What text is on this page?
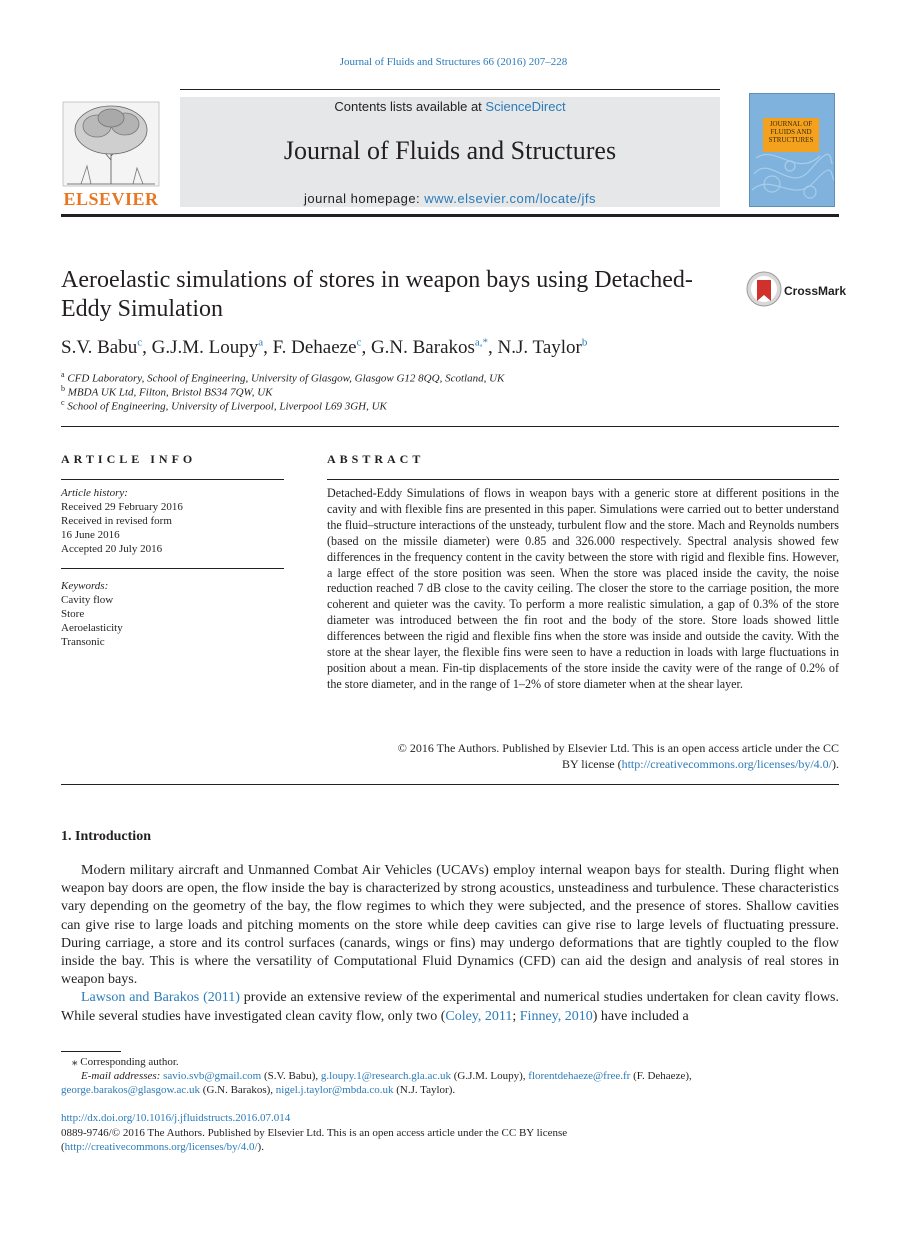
Journal of Fluids and Structures 66 (2016) 207–228
ELSEVIER
Contents lists available at ScienceDirect
Journal of Fluids and Structures
journal homepage: www.elsevier.com/locate/jfs
JOURNAL OF FLUIDS AND STRUCTURES
Aeroelastic simulations of stores in weapon bays using Detached-Eddy Simulation
CrossMark
S.V. Babu$^c$, G.J.M. Loupy$^a$, F. Dehaeze$^c$, G.N. Barakos$^{a,*}$, N.J. Taylor$^b$
$^a$ CFD Laboratory, School of Engineering, University of Glasgow, Glasgow G12 8QQ, Scotland, UK
$^b$ MBDA UK Ltd, Filton, Bristol BS34 7QW, UK
$^c$ School of Engineering, University of Liverpool, Liverpool L69 3GH, UK
ARTICLE INFO
Article history:
Received 29 February 2016
Received in revised form
16 June 2016
Accepted 20 July 2016
Keywords:
Cavity flow
Store
Aeroelasticity
Transonic
ABSTRACT
Detached-Eddy Simulations of flows in weapon bays with a generic store at different positions in the cavity and with flexible fins are presented in this paper. Simulations were carried out to better understand the fluid–structure interactions of the unsteady, turbulent flow and the store. Mach and Reynolds numbers (based on the missile diameter) were 0.85 and 326.000 respectively. Spectral analysis showed few differences in the frequency content in the cavity between the store with rigid and flexible fins. However, a large effect of the store position was seen. When the store was placed inside the cavity, the noise reduction reached 7 dB close to the cavity ceiling. The closer the store to the carriage position, the more coherent and quieter was the cavity. To perform a more realistic simulation, a gap of 0.3% of the store diameter was introduced between the fin root and the body of the store. Store loads showed little differences between the rigid and flexible fins when the store was inside and outside the cavity. With the store at the shear layer, the flexible fins were seen to have a reduction in loads with large fluctuations in position about a mean. Fin-tip displacements of the store inside the cavity were of the range of 0.2% of the store diameter, and in the range of 1–2% of store diameter when at the shear layer.
© 2016 The Authors. Published by Elsevier Ltd. This is an open access article under the CC
BY license (http://creativecommons.org/licenses/by/4.0/).
1. Introduction

Modern military aircraft and Unmanned Combat Air Vehicles (UCAVs) employ internal weapon bays for stealth. During flight when weapon bay doors are open, the flow inside the bay is characterized by strong acoustics, unsteadiness and turbulence. These characteristics vary depending on the geometry of the bay, the flow regimes to which they were subjected, and the presence of stores. Shallow cavities can give rise to large loads and pitching moments on the store while deep cavities can give rise to large levels of fluctuating pressure. During carriage, a store and its control surfaces (canards, wings or fins) may undergo deformations that are tightly coupled to the flow inside the bay. This is where the versatility of Computational Fluid Dynamics (CFD) can aid the design and analysis of real stores in weapon bays.

Lawson and Barakos (2011) provide an extensive review of the experimental and numerical studies undertaken for clean cavity flows. While several studies have investigated clean cavity flow, only two (Coley, 2011; Finney, 2010) have included a

⁎ Corresponding author.
E-mail addresses: savio.svb@gmail.com (S.V. Babu), g.loupy.1@research.gla.ac.uk (G.J.M. Loupy), florentdehaeze@free.fr (F. Dehaeze),
george.barakos@glasgow.ac.uk (G.N. Barakos), nigel.j.taylor@mbda.co.uk (N.J. Taylor).
http://dx.doi.org/10.1016/j.jfluidstructs.2016.07.014
0889-9746/© 2016 The Authors. Published by Elsevier Ltd. This is an open access article under the CC BY license
(http://creativecommons.org/licenses/by/4.0/).
